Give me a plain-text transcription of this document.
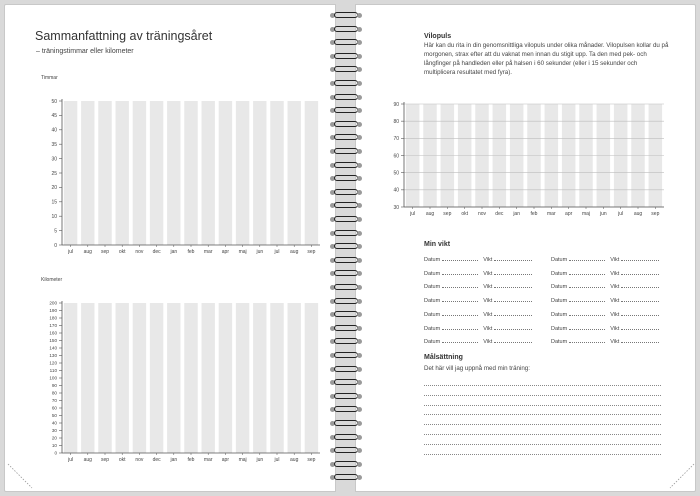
Sammanfattning av träningsåret
– träningstimmar eller kilometer
Timmar
0
5
10
15
20
25
30
35
40
45
50
jul aug sep okt nov dec jan feb mar apr maj jun jul aug sep
Kilometer
0
10
20
30
40
50
60
70
80
90
100
110
120
130
140
150
160
170
180
190
200
jul aug sep okt nov dec jan feb mar apr maj jun jul aug sep
Vilopuls
Här kan du rita in din genomsnittliga vilopuls under olika månader. Vilopulsen kollar du på morgonen, strax efter att du vaknat men innan du stigit upp. Ta den med pek- och långfinger på handleden eller på halsen i 60 sekunder (eller i 15 sekunder och multiplicera resultatet med fyra).
30
40
50
60
70
80
90
jul aug sep okt nov dec jan feb mar apr maj jun jul aug sep
Min vikt
Datum	Vikt	Datum	Vikt
Datum	Vikt	Datum	Vikt
Datum	Vikt	Datum	Vikt
Datum	Vikt	Datum	Vikt
Datum	Vikt	Datum	Vikt
Datum	Vikt	Datum	Vikt
Datum	Vikt	Datum	Vikt
Målsättning
Det här vill jag uppnå med min träning:
